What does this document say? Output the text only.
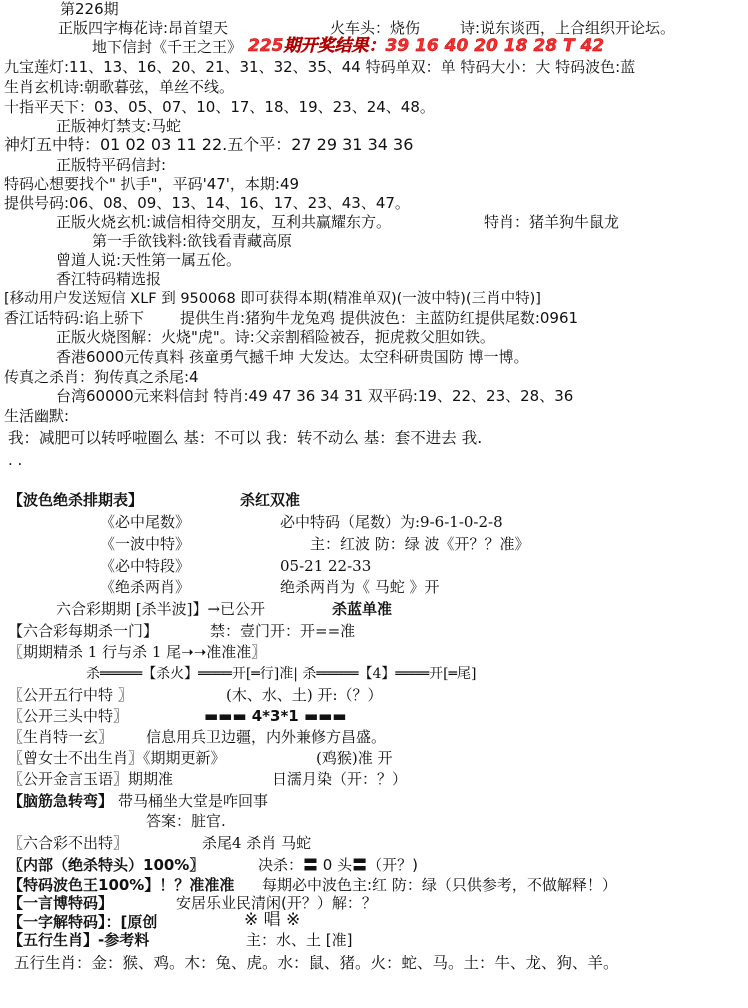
第226期
正版四字梅花诗:昂首望天	火车头：烧伤	诗:说东谈西，上合组织开论坛。
地下信封《千王之王》 225期开奖结果：39 16 40 20 18 28 T 42
九宝莲灯:11、13、16、20、21、31、32、35、44 特码单双：单 特码大小：大 特码波色:蓝
生肖玄机诗:朝歌暮弦，单丝不线。
十指平天下：03、05、07、10、17、18、19、23、24、48。
正版神灯禁支:马蛇
神灯五中特：01 02 03 11 22.五个平：27 29 31 34 36
正版特平码信封:
特码心想要找个" 扒手"，平码'47'，本期:49
提供号码:06、08、09、13、14、16、17、23、43、47。
正版火烧玄机:诚信相待交朋友，互利共赢耀东方。	特肖：猪羊狗牛鼠龙
第一手欲钱料:欲钱看青藏高原
曾道人说:天性第一属五伦。
香江特码精选报
[移动用户发送短信 XLF 到 950068 即可获得本期(精准单双)(一波中特)(三肖中特)]
香江话特码:谄上骄下 提供生肖:猪狗牛龙兔鸡 提供波色：主蓝防红提供尾数:0961
正版火烧图解：火烧"虎"。诗:父亲割稻险被吞，扼虎救父胆如铁。
香港6000元传真料 孩童勇气撼千坤 大发达。太空科研贵国防 博一博。
传真之杀肖：狗传真之杀尾:4
台湾60000元来料信封 特肖:49 47 36 34 31 双平码:19、22、23、28、36
生活幽默:
我：减肥可以转呼啦圈么 基：不可以 我：转不动么 基：套不进去 我.
. .
【波色绝杀排期表】	杀红双准
《必中尾数》	必中特码（尾数）为:9-6-1-0-2-8
《一波中特》	主：红波 防：绿 波《开？？准》
《必中特段》	05-21 22-33
《绝杀两肖》	绝杀两肖为《 马蛇 》开
六合彩期期 [杀半波]】→已公开	杀蓝单准
【六合彩每期杀一门】	禁：壹门开：开==准
〖期期精杀 1 行与杀 1 尾➝➝准准准〗
杀═════【杀火】════开[═行]准| 杀═════【4】════开[═尾]
〖公开五行中特 〗	(木、水、土) 开:（？）
〖公开三头中特〗	▬▬▬ 4*3*1 ▬▬▬
〖生肖特一玄〗 信息用兵卫边疆，内外兼修方昌盛。
〖曾女士不出生肖〗《期期更新》	(鸡猴)准 开
〖公开金言玉语〗期期准	日濡月染（开：？）
【脑筋急转弯】 带马桶坐大堂是咋回事
答案：脏官.
〖六合彩不出特〗	杀尾4 杀肖 马蛇
〖内部（绝杀特头）100%〗	决杀：〓 0 头〓（开？)
【特码波色王100%】！？准准准 每期必中波色主:红 防：绿（只供参考，不做解释！）
【一言博特码】	安居乐业民清闲(开？）解：？
【一字解特码】：[原创	※ 唱 ※
【五行生肖】-参考料	主：水、土 [准]
五行生肖：金：猴、鸡。木：兔、虎。水：鼠、猪。火：蛇、马。土：牛、龙、狗、羊。
